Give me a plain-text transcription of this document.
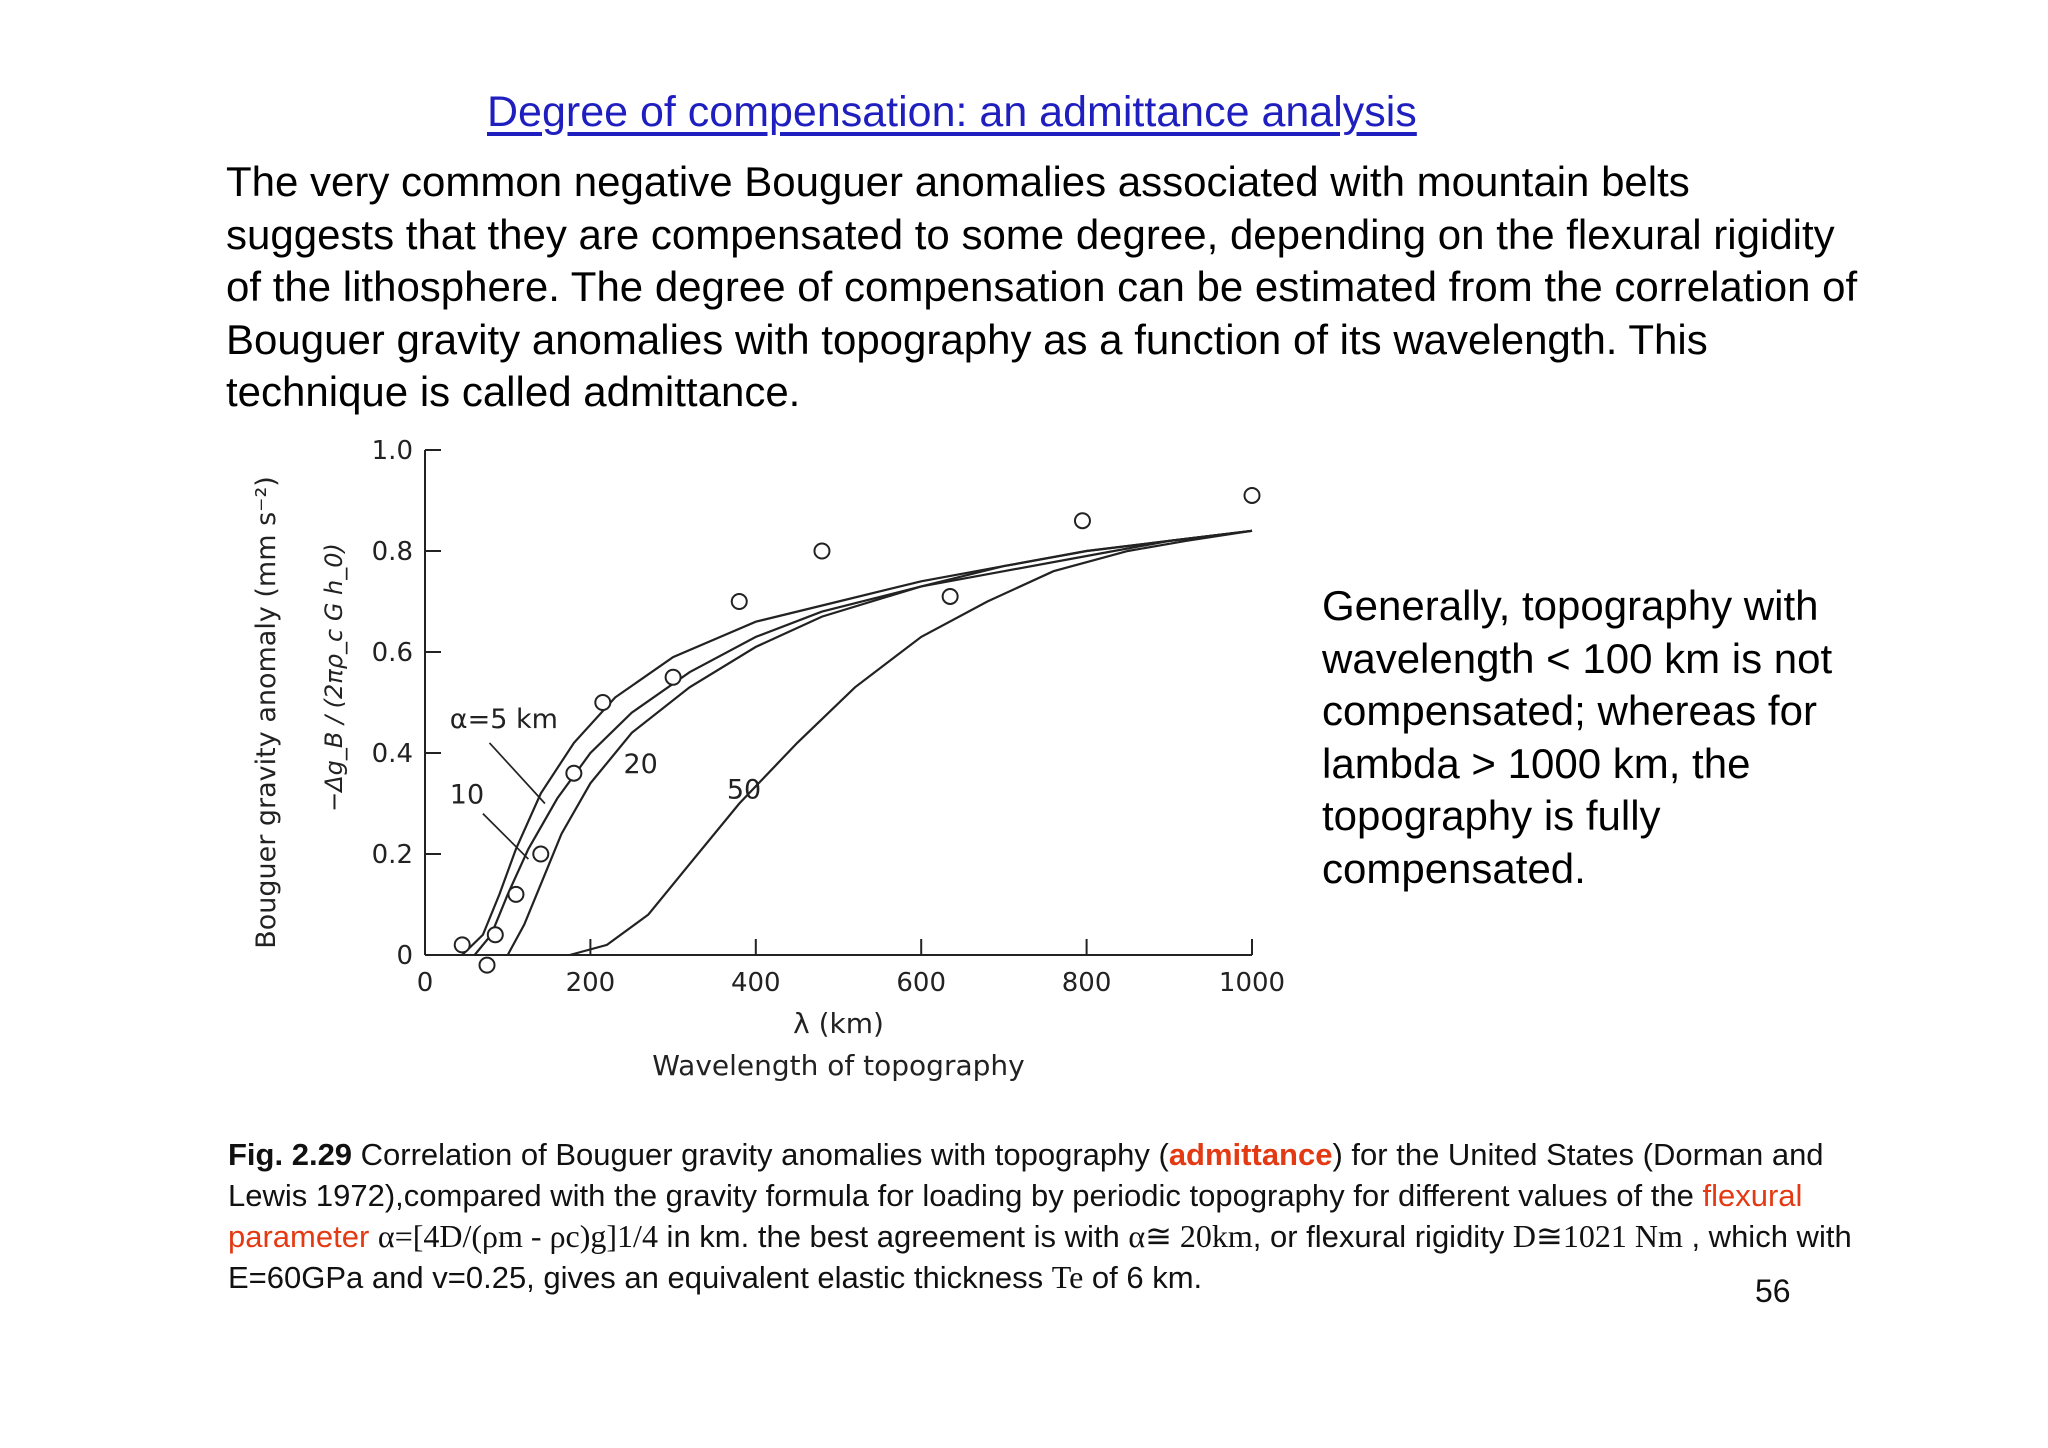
Degree of compensation: an admittance analysis
The very common negative Bouguer anomalies associated with mountain belts suggests that they are compensated to some degree, depending on the flexural rigidity of the lithosphere. The degree of compensation can be estimated from the correlation of Bouguer gravity anomalies with topography as a function of its wavelength. This technique is called admittance.
0
0.2
0.4
0.6
0.8
1.0
0	200	400	600	800	1000
λ (km)
Wavelength of topography
Bouguer gravity anomaly (mm s⁻²) −Δg_B / (2πρ_c G h_0)	α=5 km
10
20
50
Generally, topography with wavelength < 100 km is not compensated; whereas for lambda > 1000 km, the topography is fully compensated.
Fig. 2.29 Correlation of Bouguer gravity anomalies with topography (admittance) for the United States (Dorman and Lewis 1972),compared with the gravity formula for loading by periodic topography for different values of the flexural parameter α=[4D/(ρm - ρc)g]1/4 in km. the best agreement is with α≅ 20km, or flexural rigidity D≅1021 Nm , which with E=60GPa and v=0.25, gives an equivalent elastic thickness Te of 6 km.	56
